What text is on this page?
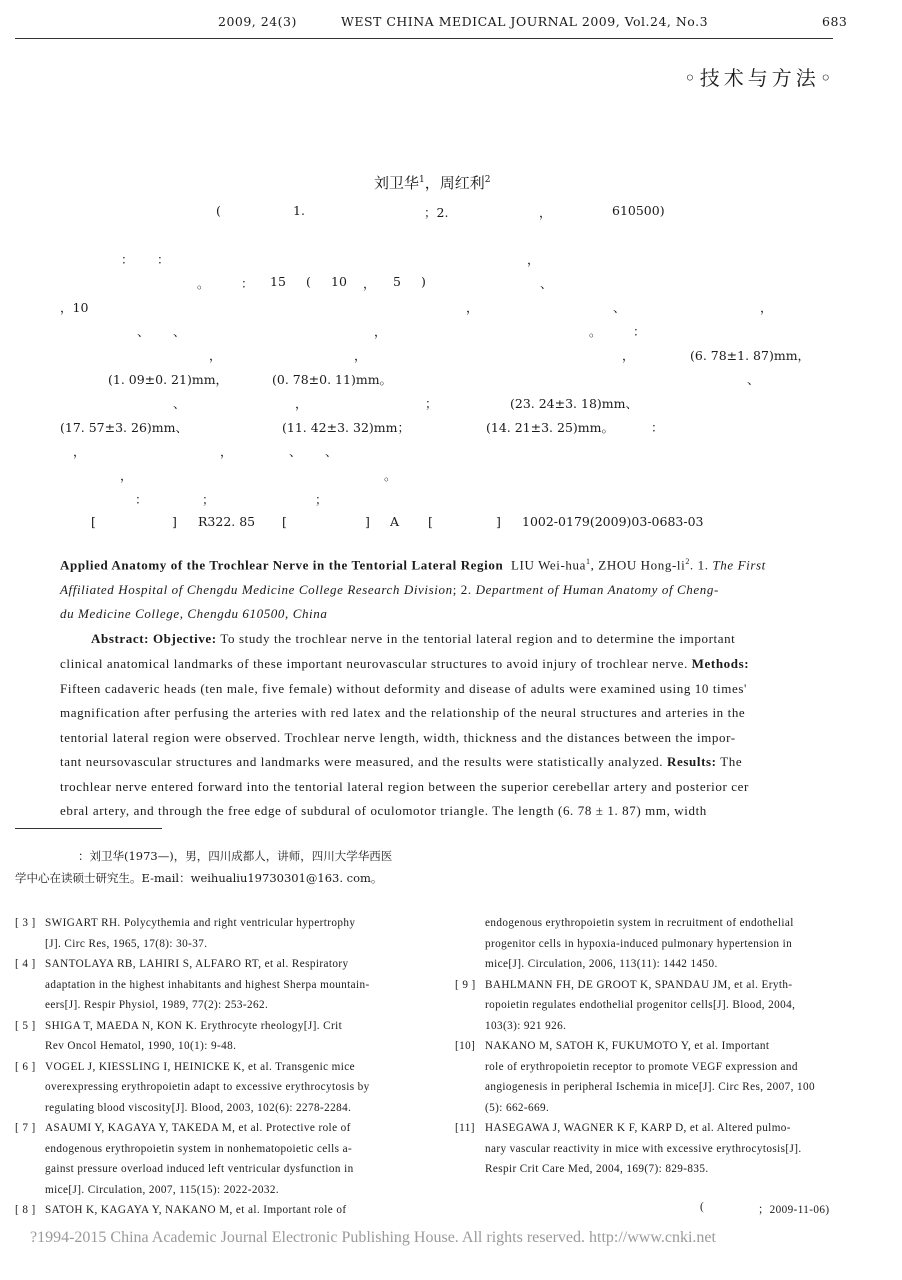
2009, 24(3)	WEST CHINA MEDICAL JOURNAL 2009, Vol.24, No.3	683
◦技术与方法◦
刘卫华$^1$，周红利$^2$
(	1.	；2.	，	610500)
： ：	，
。	： 15 ( 10 ， 5 )	、
，10	，	、	，
、 、	，	。	：
，	，	，	(6. 78±1. 87)mm，
(1. 09±0. 21)mm，	(0. 78±0. 11)mm。	、
、	，	；	(23. 24±3. 18)mm、
(17. 57±3. 26)mm、	(11. 42±3. 32)mm；	(14. 21±3. 25)mm。	：
，	，	、 、
，	。
：	；	；
[	] R322. 85 [	] A [	] 1002-0179(2009)03-0683-03
Applied Anatomy of the Trochlear Nerve in the Tentorial Lateral Region LIU Wei-hua$^1$, ZHOU Hong-$li^2$. 1. The First
Affiliated Hospital of Chengdu Medicine College Research Division; 2. Department of Human Anatomy of Cheng-
du Medicine College, Chengdu 610500, China
Abstract: Objective: To study the trochlear nerve in the tentorial lateral region and to determine the important
clinical anatomical landmarks of these important neurovascular structures to avoid injury of trochlear nerve. Methods:
Fifteen cadaveric heads (ten male, five female) without deformity and disease of adults were examined using 10 times'
magnification after perfusing the arteries with red latex and the relationship of the neural structures and arteries in the
tentorial lateral region were observed. Trochlear nerve length, width, thickness and the distances between the impor-
tant neursovascular structures and landmarks were measured, and the results were statistically analyzed. Results: The
trochlear nerve entered forward into the tentorial lateral region between the superior cerebellar artery and posterior cer
ebral artery, and through the free edge of subdural of oculomotor triangle. The length (6. 78 ± 1. 87) mm, width
：刘卫华(1973—)，男，四川成都人，讲师，四川大学华西医
学中心在读硕士研究生。E-mail：weihualiu19730301@163. com。
[ 3 ] SWIGART RH. Polycythemia and right ventricular hypertrophy
[J]. Circ Res, 1965, 17(8): 30-37.
[ 4 ] SANTOLAYA RB, LAHIRI S, ALFARO RT, et al. Respiratory
adaptation in the highest inhabitants and highest Sherpa mountain-
eers[J]. Respir Physiol, 1989, 77(2): 253-262.
[ 5 ] SHIGA T, MAEDA N, KON K. Erythrocyte rheology[J]. Crit
Rev Oncol Hematol, 1990, 10(1): 9-48.
[ 6 ] VOGEL J, KIESSLING I, HEINICKE K, et al. Transgenic mice
overexpressing erythropoietin adapt to excessive erythrocytosis by
regulating blood viscosity[J]. Blood, 2003, 102(6): 2278-2284.
[ 7 ] ASAUMI Y, KAGAYA Y, TAKEDA M, et al. Protective role of
endogenous erythropoietin system in nonhematopoietic cells a-
gainst pressure overload induced left ventricular dysfunction in
mice[J]. Circulation, 2007, 115(15): 2022-2032.
[ 8 ] SATOH K, KAGAYA Y, NAKANO M, et al. Important role of
endogenous erythropoietin system in recruitment of endothelial
progenitor cells in hypoxia-induced pulmonary hypertension in
mice[J]. Circulation, 2006, 113(11): 1442 1450.
[ 9 ] BAHLMANN FH, DE GROOT K, SPANDAU JM, et al. Eryth-
ropoietin regulates endothelial progenitor cells[J]. Blood, 2004,
103(3): 921 926.
[10] NAKANO M, SATOH K, FUKUMOTO Y, et al. Important
role of erythropoietin receptor to promote VEGF expression and
angiogenesis in peripheral Ischemia in mice[J]. Circ Res, 2007, 100
(5): 662-669.
[11] HASEGAWA J, WAGNER K F, KARP D, et al. Altered pulmo-
nary vascular reactivity in mice with excessive erythrocytosis[J].
Respir Crit Care Med, 2004, 169(7): 829-835.
(	；2009-11-06)
?1994-2015 China Academic Journal Electronic Publishing House. All rights reserved. http://www.cnki.net
